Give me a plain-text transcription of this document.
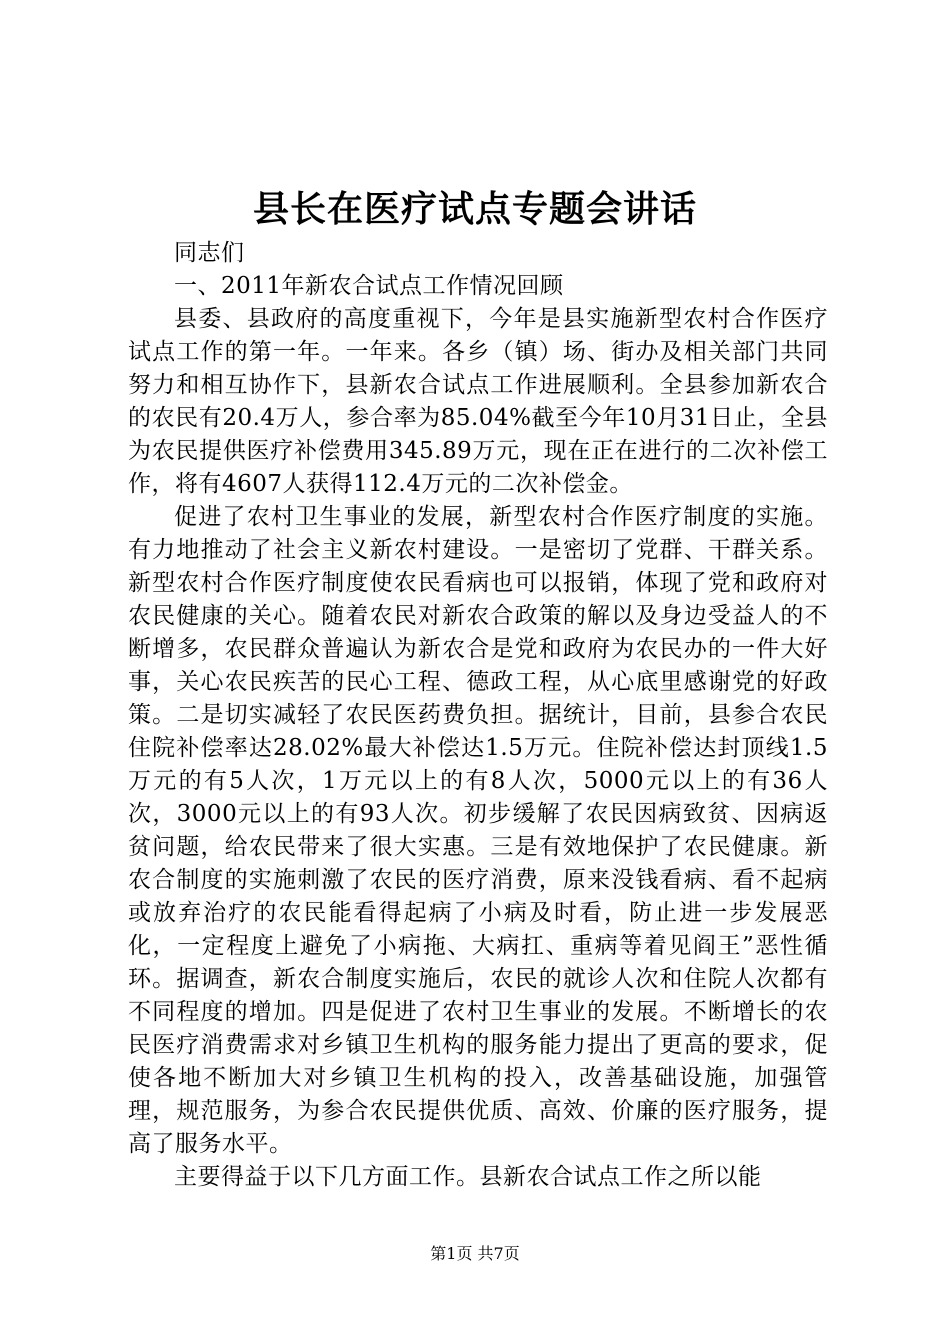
县长在医疗试点专题会讲话

同志们

一、2011年新农合试点工作情况回顾

县委、县政府的高度重视下，今年是县实施新型农村合作医疗试点工作的第一年。一年来。各乡（镇）场、街办及相关部门共同努力和相互协作下，县新农合试点工作进展顺利。全县参加新农合的农民有20.4万人，参合率为85.04%截至今年10月31日止，全县为农民提供医疗补偿费用345.89万元，现在正在进行的二次补偿工作，将有4607人获得112.4万元的二次补偿金。

促进了农村卫生事业的发展，新型农村合作医疗制度的实施。有力地推动了社会主义新农村建设。一是密切了党群、干群关系。新型农村合作医疗制度使农民看病也可以报销，体现了党和政府对农民健康的关心。随着农民对新农合政策的解以及身边受益人的不断增多，农民群众普遍认为新农合是党和政府为农民办的一件大好事，关心农民疾苦的民心工程、德政工程，从心底里感谢党的好政策。二是切实减轻了农民医药费负担。据统计，目前，县参合农民住院补偿率达28.02%最大补偿达1.5万元。住院补偿达封顶线1.5万元的有5人次，1万元以上的有8人次，5000元以上的有36人次，3000元以上的有93人次。初步缓解了农民因病致贫、因病返贫问题，给农民带来了很大实惠。三是有效地保护了农民健康。新农合制度的实施刺激了农民的医疗消费，原来没钱看病、看不起病或放弃治疗的农民能看得起病了小病及时看，防止进一步发展恶化，一定程度上避免了小病拖、大病扛、重病等着见阎王”恶性循环。据调查，新农合制度实施后，农民的就诊人次和住院人次都有不同程度的增加。四是促进了农村卫生事业的发展。不断增长的农民医疗消费需求对乡镇卫生机构的服务能力提出了更高的要求，促使各地不断加大对乡镇卫生机构的投入，改善基础设施，加强管理，规范服务，为参合农民提供优质、高效、价廉的医疗服务，提高了服务水平。

主要得益于以下几方面工作。县新农合试点工作之所以能

第1页 共7页
